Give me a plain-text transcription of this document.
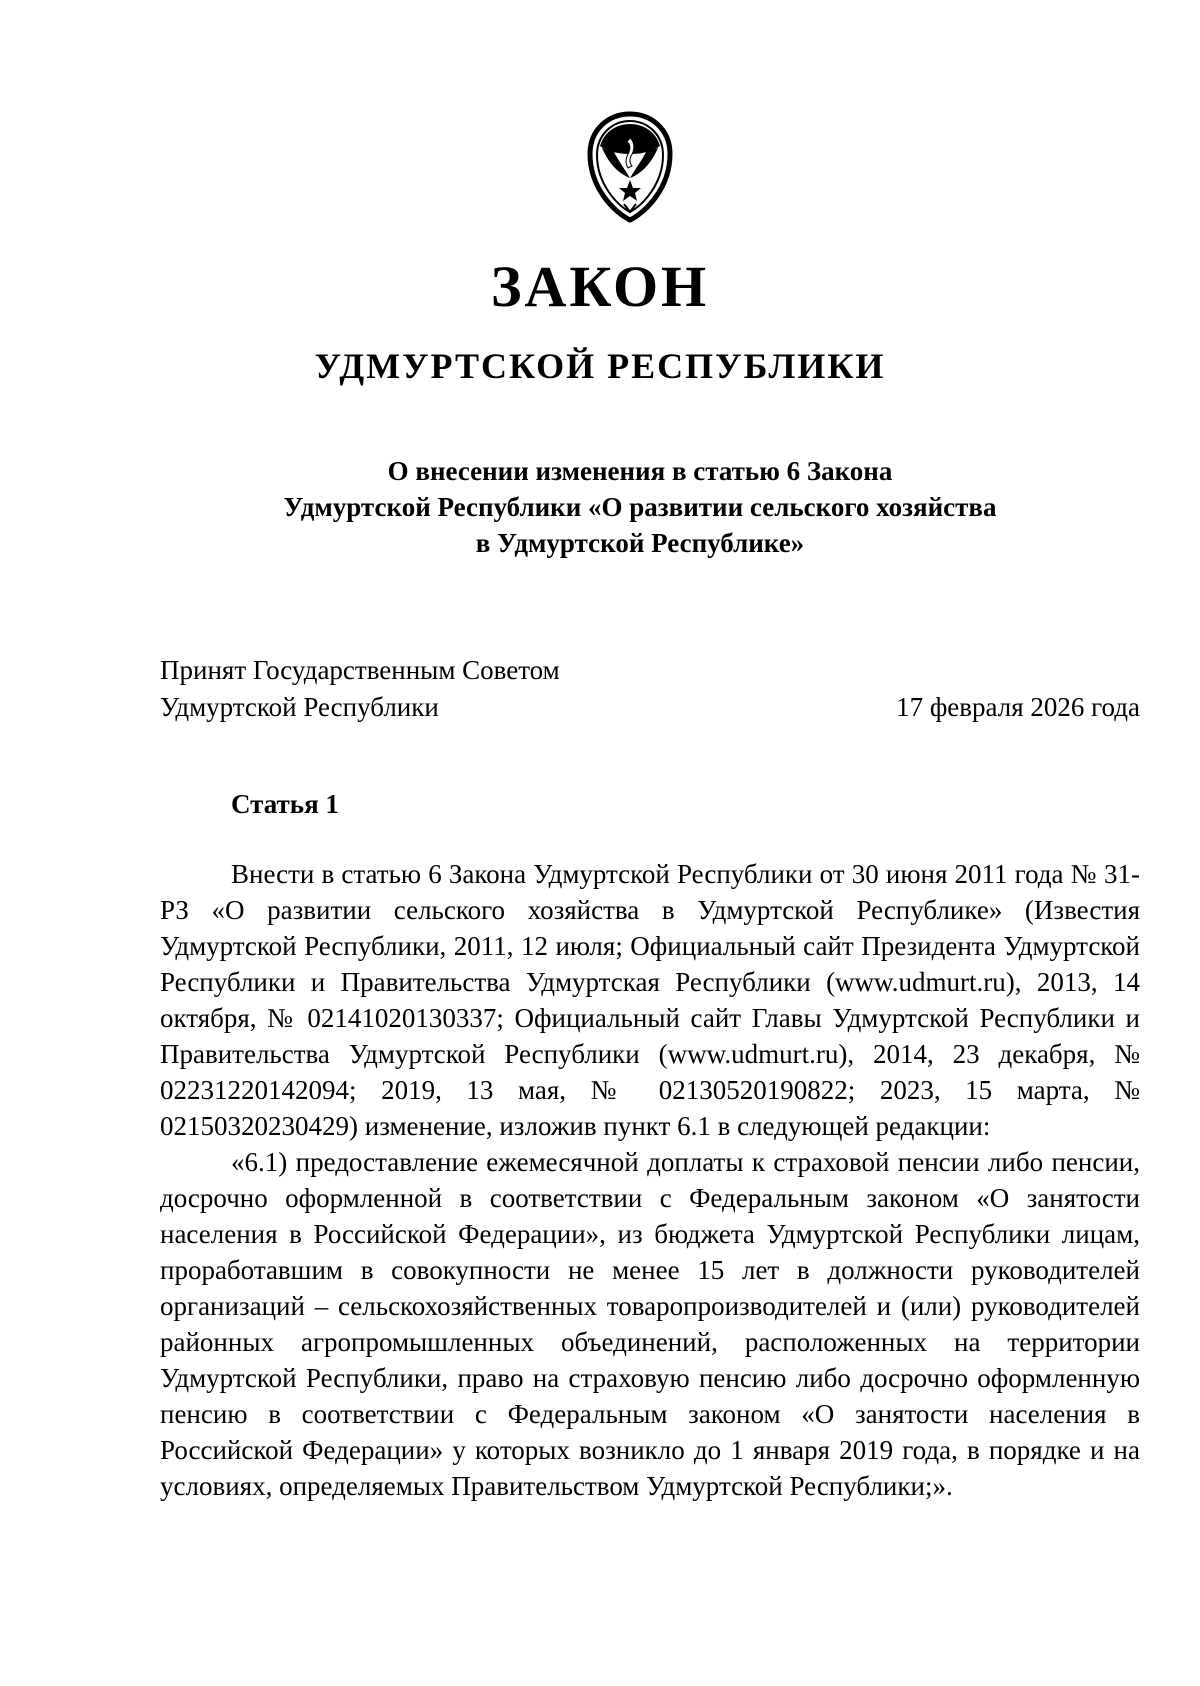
ЗАКОН
УДМУРТСКОЙ РЕСПУБЛИКИ
О внесении изменения в статью 6 Закона
Удмуртской Республики «О развитии сельского хозяйства
в Удмуртской Республике»
Принят Государственным Советом
Удмуртской Республики	17 февраля 2026 года
Статья 1

Внести в статью 6 Закона Удмуртской Республики от 30 июня 2011 года № 31-РЗ «О развитии сельского хозяйства в Удмуртской Республике» (Известия Удмуртской Республики, 2011, 12 июля; Официальный сайт Президента Удмуртской Республики и Правительства Удмуртская Республики (www.udmurt.ru), 2013, 14 октября, № 02141020130337; Официальный сайт Главы Удмуртской Республики и Правительства Удмуртской Республики (www.udmurt.ru), 2014, 23 декабря, № 02231220142094; 2019, 13 мая, № 02130520190822; 2023, 15 марта, № 02150320230429) изменение, изложив пункт 6.1 в следующей редакции:

«6.1) предоставление ежемесячной доплаты к страховой пенсии либо пенсии, досрочно оформленной в соответствии с Федеральным законом «О занятости населения в Российской Федерации», из бюджета Удмуртской Республики лицам, проработавшим в совокупности не менее 15 лет в должности руководителей организаций – сельскохозяйственных товаропроизводителей и (или) руководителей районных агропромышленных объединений, расположенных на территории Удмуртской Республики, право на страховую пенсию либо досрочно оформленную пенсию в соответствии с Федеральным законом «О занятости населения в Российской Федерации» у которых возникло до 1 января 2019 года, в порядке и на условиях, определяемых Правительством Удмуртской Республики;».
